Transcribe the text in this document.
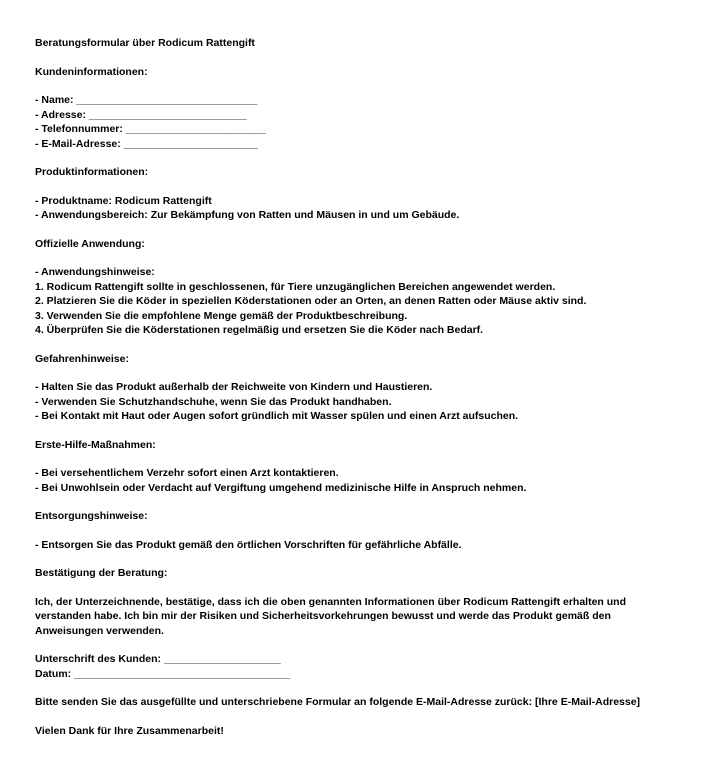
Beratungsformular über Rodicum Rattengift
Kundeninformationen:
- Name: _______________________________
- Adresse: ___________________________
- Telefonnummer: ________________________
- E-Mail-Adresse: _______________________
Produktinformationen:
- Produktname: Rodicum Rattengift
- Anwendungsbereich: Zur Bekämpfung von Ratten und Mäusen in und um Gebäude.
Offizielle Anwendung:
- Anwendungshinweise:
1. Rodicum Rattengift sollte in geschlossenen, für Tiere unzugänglichen Bereichen angewendet werden.
2. Platzieren Sie die Köder in speziellen Köderstationen oder an Orten, an denen Ratten oder Mäuse aktiv sind.
3. Verwenden Sie die empfohlene Menge gemäß der Produktbeschreibung.
4. Überprüfen Sie die Köderstationen regelmäßig und ersetzen Sie die Köder nach Bedarf.
Gefahrenhinweise:
- Halten Sie das Produkt außerhalb der Reichweite von Kindern und Haustieren.
- Verwenden Sie Schutzhandschuhe, wenn Sie das Produkt handhaben.
- Bei Kontakt mit Haut oder Augen sofort gründlich mit Wasser spülen und einen Arzt aufsuchen.
Erste-Hilfe-Maßnahmen:
- Bei versehentlichem Verzehr sofort einen Arzt kontaktieren.
- Bei Unwohlsein oder Verdacht auf Vergiftung umgehend medizinische Hilfe in Anspruch nehmen.
Entsorgungshinweise:
- Entsorgen Sie das Produkt gemäß den örtlichen Vorschriften für gefährliche Abfälle.
Bestätigung der Beratung:
Ich, der Unterzeichnende, bestätige, dass ich die oben genannten Informationen über Rodicum Rattengift erhalten und
verstanden habe. Ich bin mir der Risiken und Sicherheitsvorkehrungen bewusst und werde das Produkt gemäß den
Anweisungen verwenden.
Unterschrift des Kunden: ____________________
Datum: _____________________________________
Bitte senden Sie das ausgefüllte und unterschriebene Formular an folgende E-Mail-Adresse zurück: [Ihre E-Mail-Adresse]
Vielen Dank für Ihre Zusammenarbeit!
